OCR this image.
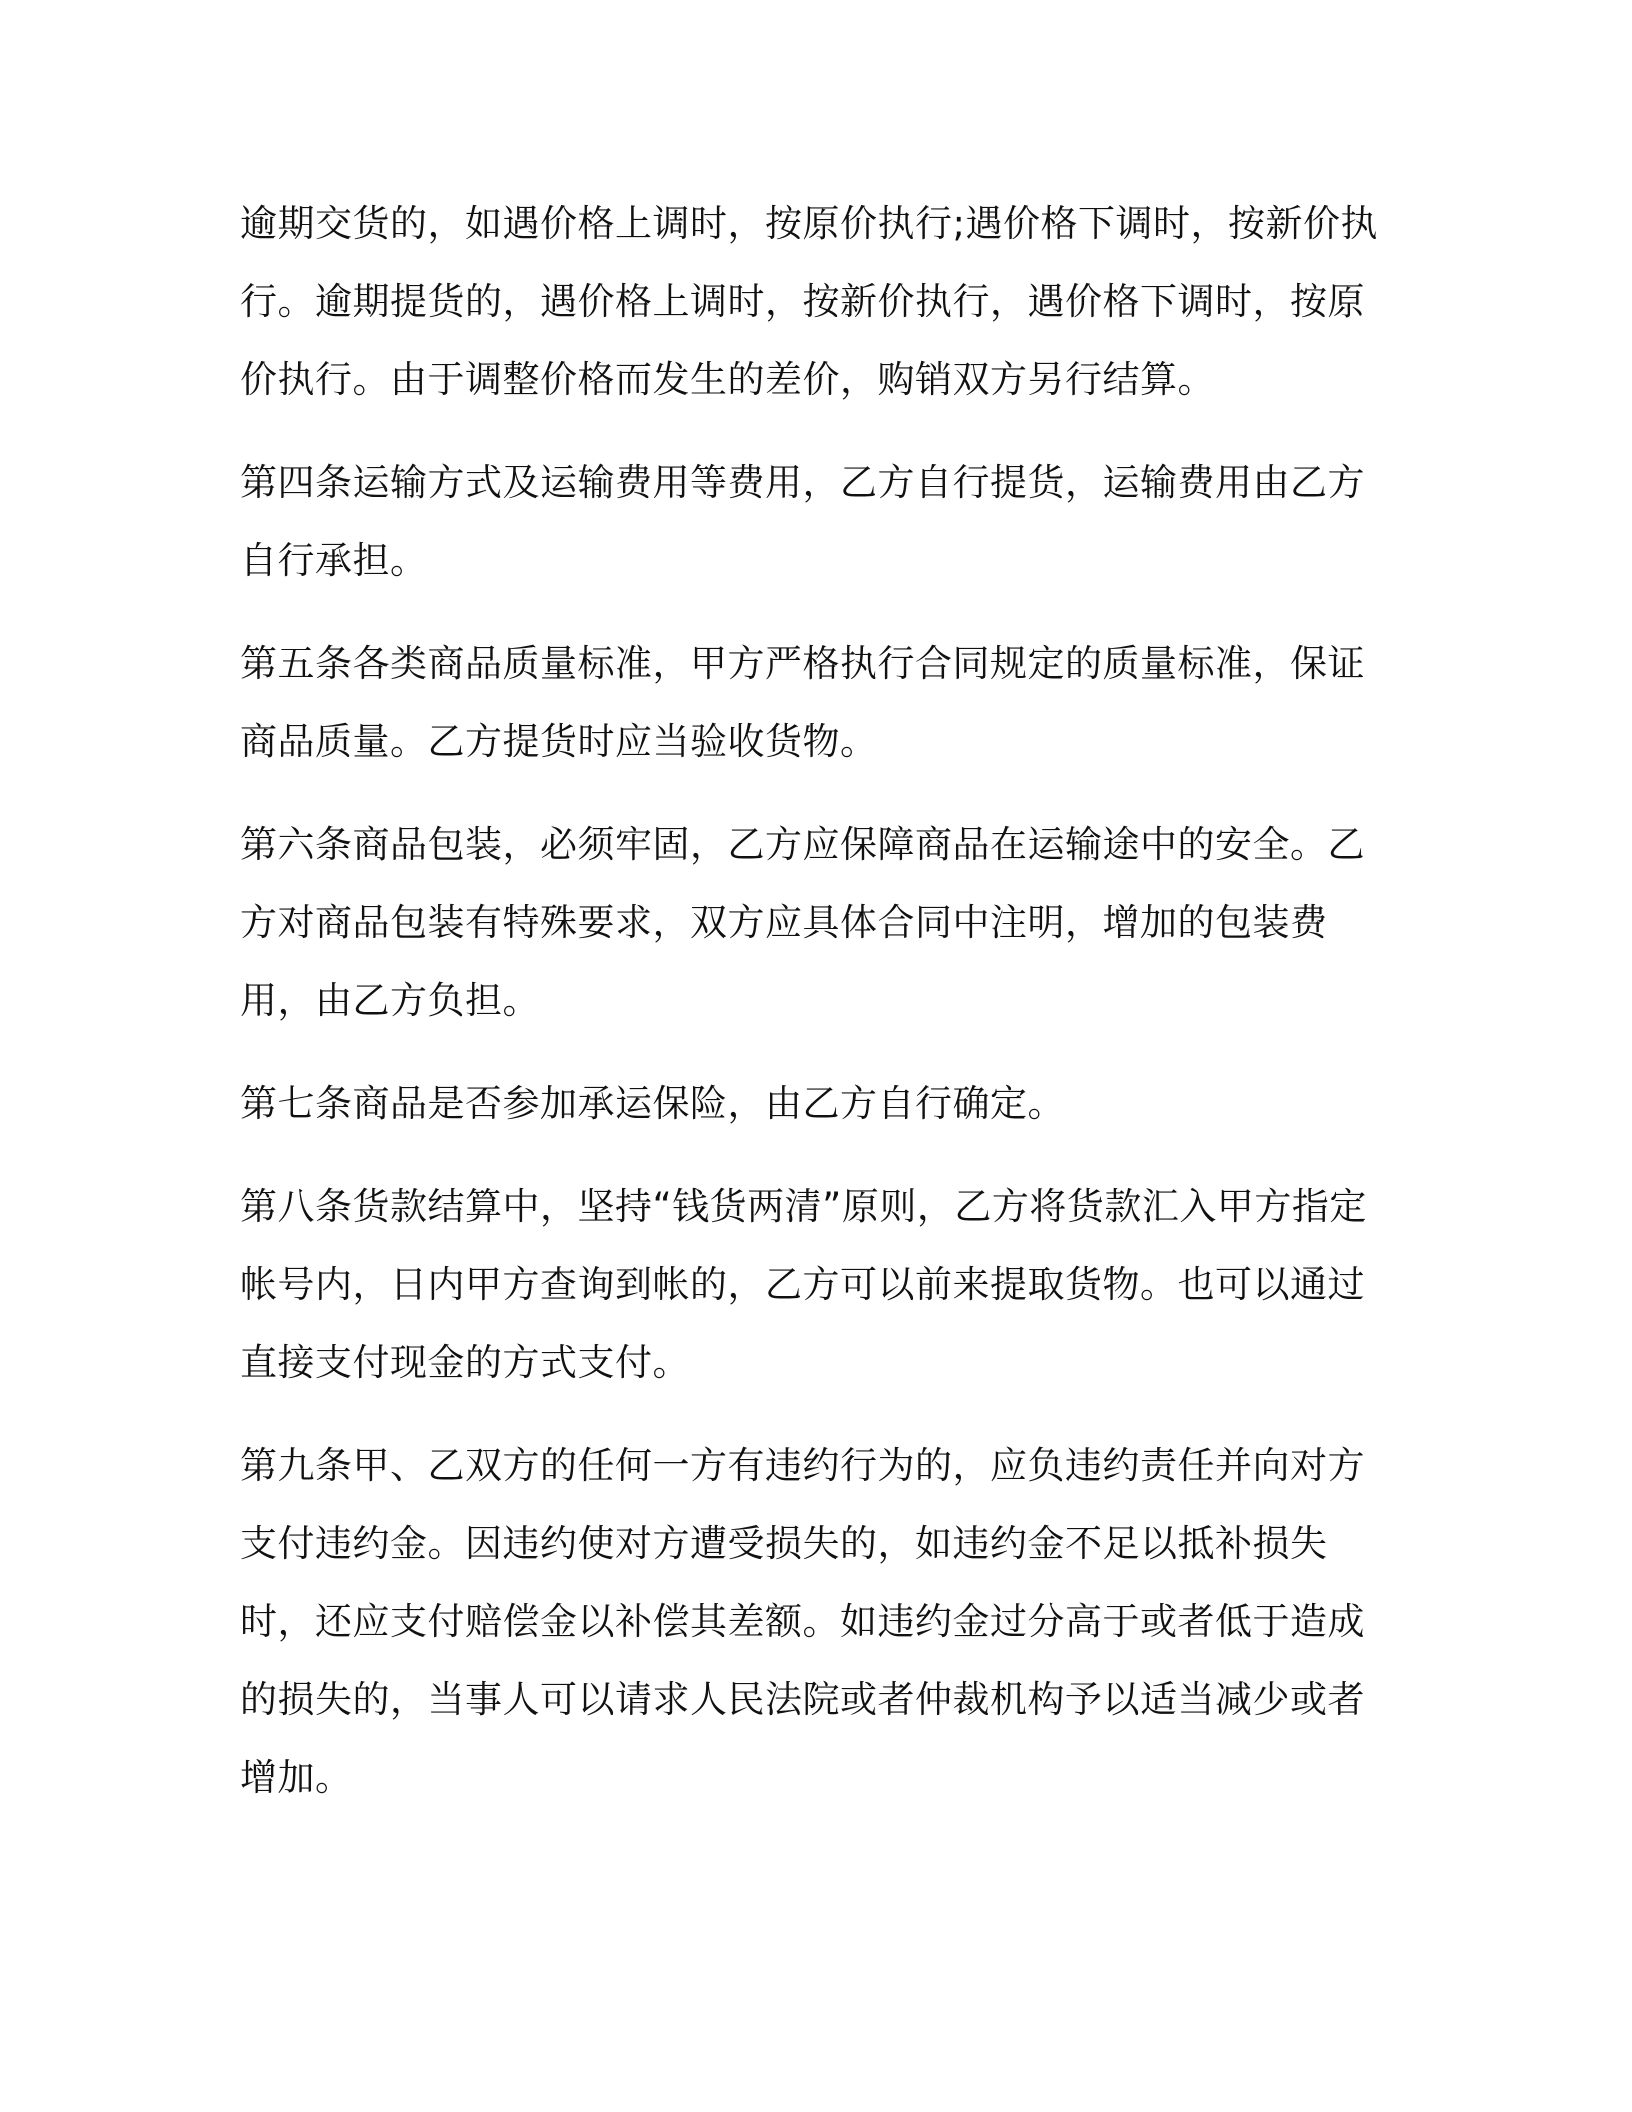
逾期交货的，如遇价格上调时，按原价执行;遇价格下调时，按新价执行。逾期提货的，遇价格上调时，按新价执行，遇价格下调时，按原价执行。由于调整价格而发生的差价，购销双方另行结算。

第四条运输方式及运输费用等费用，乙方自行提货，运输费用由乙方自行承担。

第五条各类商品质量标准，甲方严格执行合同规定的质量标准，保证商品质量。乙方提货时应当验收货物。

第六条商品包装，必须牢固，乙方应保障商品在运输途中的安全。乙方对商品包装有特殊要求，双方应具体合同中注明，增加的包装费用，由乙方负担。

第七条商品是否参加承运保险，由乙方自行确定。

第八条货款结算中，坚持“钱货两清”原则，乙方将货款汇入甲方指定帐号内，日内甲方查询到帐的，乙方可以前来提取货物。也可以通过直接支付现金的方式支付。

第九条甲、乙双方的任何一方有违约行为的，应负违约责任并向对方支付违约金。因违约使对方遭受损失的，如违约金不足以抵补损失时，还应支付赔偿金以补偿其差额。如违约金过分高于或者低于造成的损失的，当事人可以请求人民法院或者仲裁机构予以适当减少或者增加。
